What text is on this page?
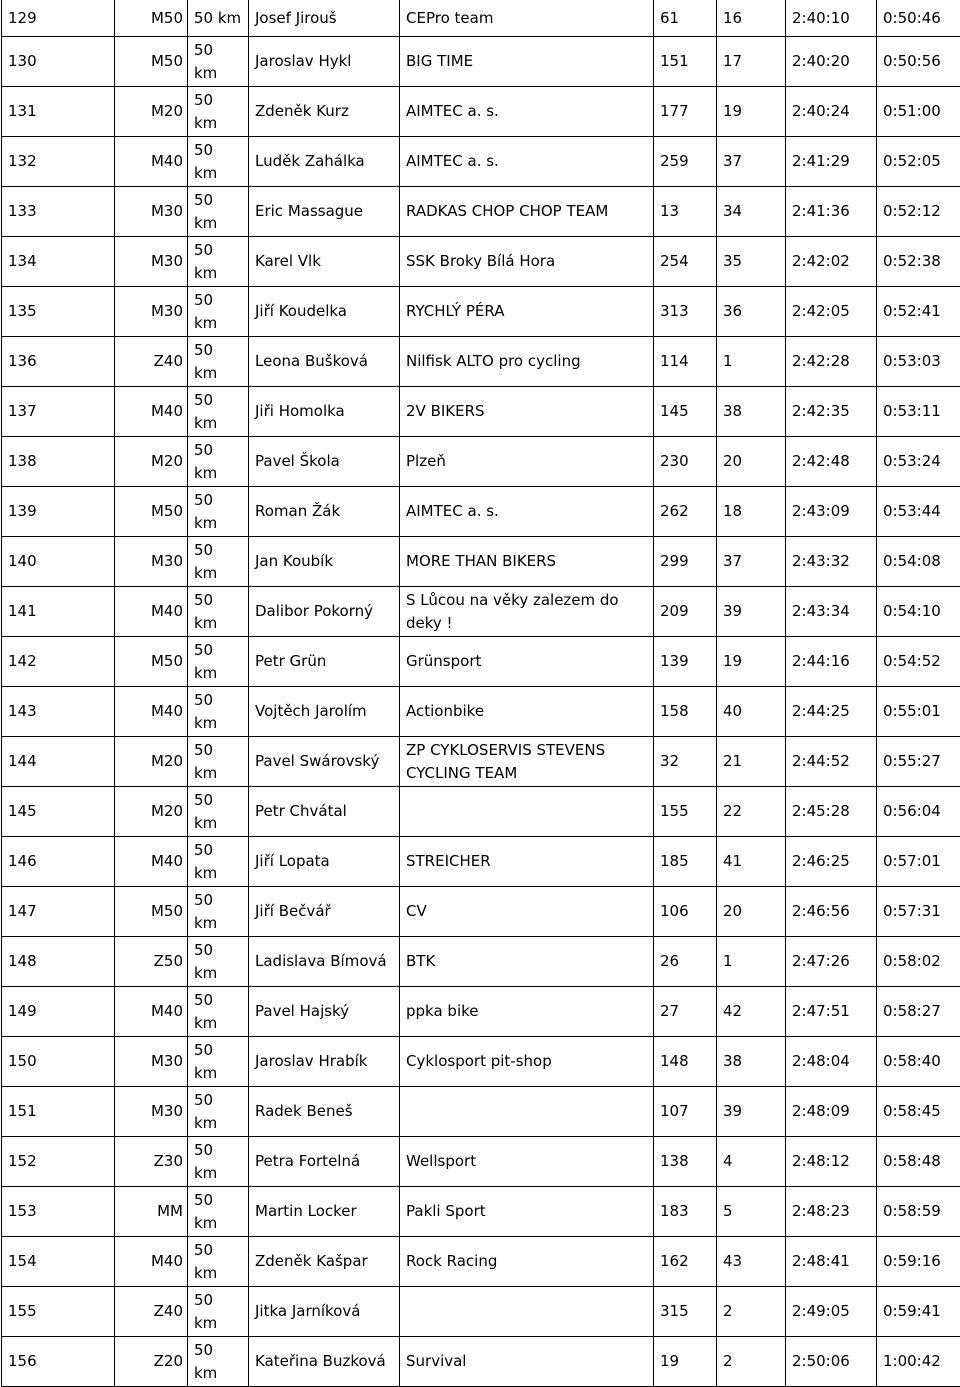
129	M50	50 km	Josef Jirouš	CEPro team	61	16	2:40:10	0:50:46
130	M50	50 km	Jaroslav Hykl	BIG TIME	151	17	2:40:20	0:50:56
131	M20	50 km	Zdeněk Kurz	AIMTEC a. s.	177	19	2:40:24	0:51:00
132	M40	50 km	Luděk Zahálka	AIMTEC a. s.	259	37	2:41:29	0:52:05
133	M30	50 km	Eric Massague	RADKAS CHOP CHOP TEAM	13	34	2:41:36	0:52:12
134	M30	50 km	Karel Vlk	SSK Broky Bílá Hora	254	35	2:42:02	0:52:38
135	M30	50 km	Jiří Koudelka	RYCHLÝ PÉRA	313	36	2:42:05	0:52:41
136	Z40	50 km	Leona Bušková	Nilfisk ALTO pro cycling	114	1	2:42:28	0:53:03
137	M40	50 km	Jiři Homolka	2V BIKERS	145	38	2:42:35	0:53:11
138	M20	50 km	Pavel Škola	Plzeň	230	20	2:42:48	0:53:24
139	M50	50 km	Roman Žák	AIMTEC a. s.	262	18	2:43:09	0:53:44
140	M30	50 km	Jan Koubík	MORE THAN BIKERS	299	37	2:43:32	0:54:08
141	M40	50 km	Dalibor Pokorný	S Lůcou na věky zalezem do deky !	209	39	2:43:34	0:54:10
142	M50	50 km	Petr Grün	Grünsport	139	19	2:44:16	0:54:52
143	M40	50 km	Vojtěch Jarolím	Actionbike	158	40	2:44:25	0:55:01
144	M20	50 km	Pavel Swárovský	ZP CYKLOSERVIS STEVENS CYCLING TEAM	32	21	2:44:52	0:55:27
145	M20	50 km	Petr Chvátal		155	22	2:45:28	0:56:04
146	M40	50 km	Jiří Lopata	STREICHER	185	41	2:46:25	0:57:01
147	M50	50 km	Jiří Bečvář	CV	106	20	2:46:56	0:57:31
148	Z50	50 km	Ladislava Bímová	BTK	26	1	2:47:26	0:58:02
149	M40	50 km	Pavel Hajský	ppka bike	27	42	2:47:51	0:58:27
150	M30	50 km	Jaroslav Hrabík	Cyklosport pit-shop	148	38	2:48:04	0:58:40
151	M30	50 km	Radek Beneš		107	39	2:48:09	0:58:45
152	Z30	50 km	Petra Fortelná	Wellsport	138	4	2:48:12	0:58:48
153	MM	50 km	Martin Locker	Pakli Sport	183	5	2:48:23	0:58:59
154	M40	50 km	Zdeněk Kašpar	Rock Racing	162	43	2:48:41	0:59:16
155	Z40	50 km	Jitka Jarníková		315	2	2:49:05	0:59:41
156	Z20	50 km	Kateřina Buzková	Survival	19	2	2:50:06	1:00:42
